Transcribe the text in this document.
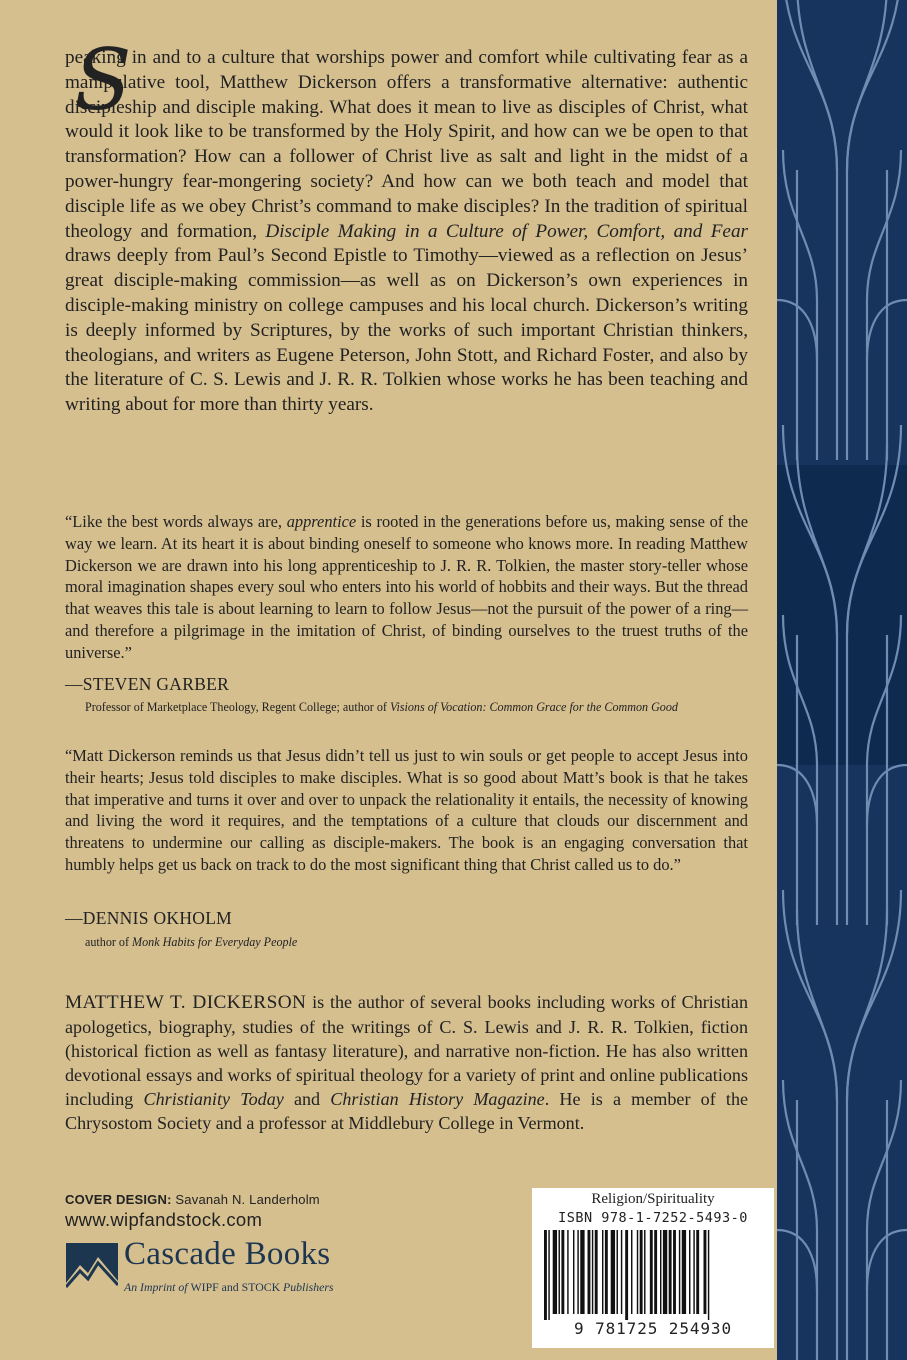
S
peaking in and to a culture that worships power and comfort while cultivating fear as a manipulative tool, Matthew Dickerson offers a transformative alternative: authentic discipleship and disciple making. What does it mean to live as disciples of Christ, what would it look like to be transformed by the Holy Spirit, and how can we be open to that transformation? How can a follower of Christ live as salt and light in the midst of a power-hungry fear-mongering society? And how can we both teach and model that disciple life as we obey Christ’s command to make disciples? In the tradition of spiritual theology and formation, Disciple Making in a Culture of Power, Comfort, and Fear draws deeply from Paul’s Second Epistle to Timothy—viewed as a reflection on Jesus’ great disciple-making commission—as well as on Dickerson’s own experiences in disciple-making ministry on college campuses and his local church. Dickerson’s writing is deeply informed by Scriptures, by the works of such important Christian thinkers, theologians, and writers as Eugene Peterson, John Stott, and Richard Foster, and also by the literature of C. S. Lewis and J. R. R. Tolkien whose works he has been teaching and writing about for more than thirty years.
“Like the best words always are, apprentice is rooted in the generations before us, making sense of the way we learn. At its heart it is about binding oneself to someone who knows more. In reading Matthew Dickerson we are drawn into his long apprenticeship to J. R. R. Tolkien, the master story-teller whose moral imagination shapes every soul who enters into his world of hobbits and their ways. But the thread that weaves this tale is about learning to learn to follow Jesus—not the pursuit of the power of a ring—and therefore a pilgrimage in the imitation of Christ, of binding ourselves to the truest truths of the universe.”

—STEVEN GARBER

Professor of Marketplace Theology, Regent College; author of Visions of Vocation: Common Grace for the Common Good

“Matt Dickerson reminds us that Jesus didn’t tell us just to win souls or get people to accept Jesus into their hearts; Jesus told disciples to make disciples. What is so good about Matt’s book is that he takes that imperative and turns it over and over to unpack the relationality it entails, the necessity of knowing and living the word it requires, and the temptations of a culture that clouds our discernment and threatens to undermine our calling as disciple-makers. The book is an engaging conversation that humbly helps get us back on track to do the most significant thing that Christ called us to do.”

—DENNIS OKHOLM

author of Monk Habits for Everyday People

MATTHEW T. DICKERSON is the author of several books including works of Christian apologetics, biography, studies of the writings of C. S. Lewis and J. R. R. Tolkien, fiction (historical fiction as well as fantasy literature), and narrative non-fiction. He has also written devotional essays and works of spiritual theology for a variety of print and online publications including Christianity Today and Christian History Magazine. He is a member of the Chrysostom Society and a professor at Middlebury College in Vermont.

COVER DESIGN: Savanah N. Landerholm

www.wipfandstock.com

Cascade Books

An Imprint of WIPF and STOCK Publishers

Religion/Spirituality

ISBN 978-1-7252-5493-0

9 781725 254930
